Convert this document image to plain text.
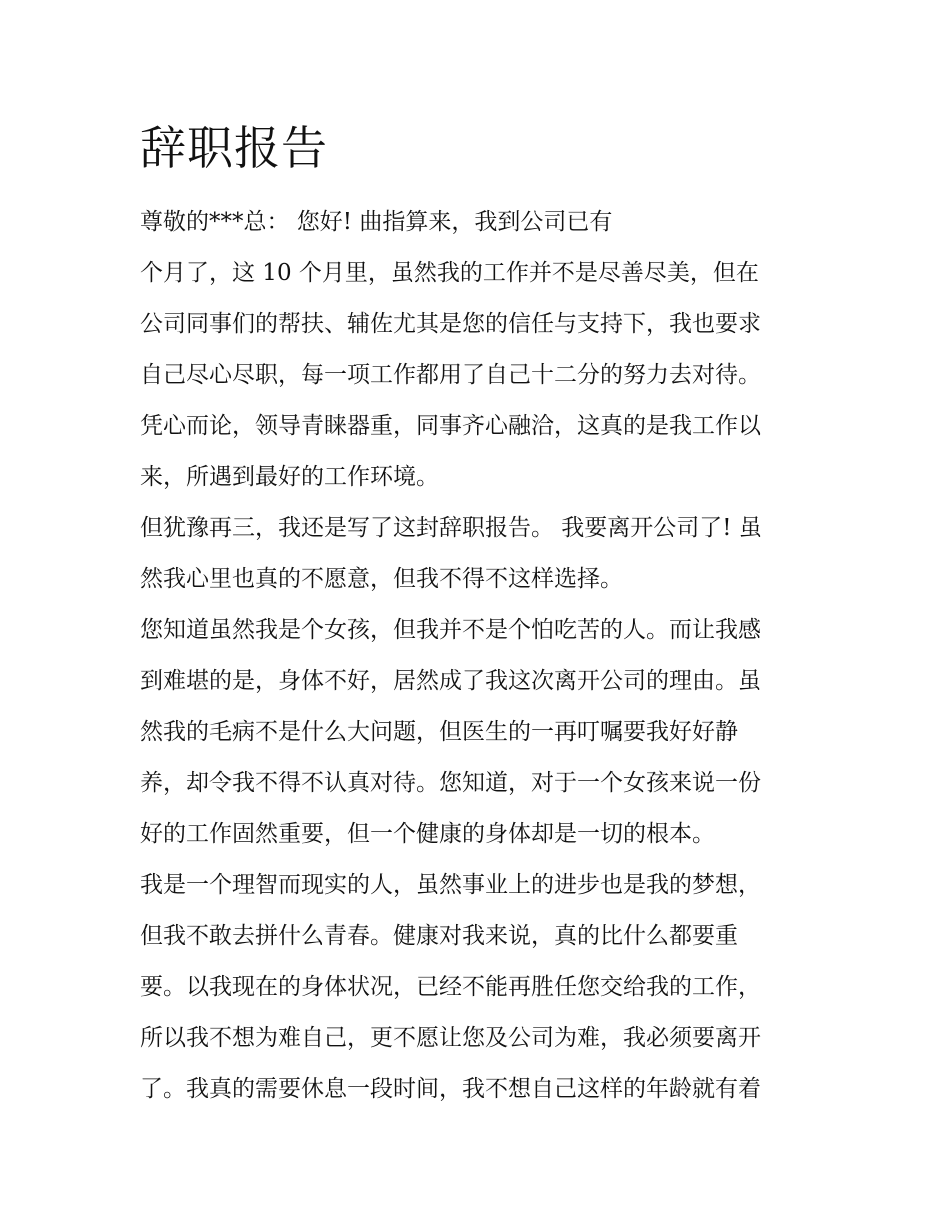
辞职报告

尊敬的***总： 您好! 曲指算来，我到公司已有

个月了，这 10 个月里，虽然我的工作并不是尽善尽美，但在

公司同事们的帮扶、辅佐尤其是您的信任与支持下，我也要求

自己尽心尽职，每一项工作都用了自己十二分的努力去对待。

凭心而论，领导青睐器重，同事齐心融洽，这真的是我工作以

来，所遇到最好的工作环境。

但犹豫再三，我还是写了这封辞职报告。 我要离开公司了! 虽

然我心里也真的不愿意，但我不得不这样选择。

您知道虽然我是个女孩，但我并不是个怕吃苦的人。而让我感

到难堪的是，身体不好，居然成了我这次离开公司的理由。虽

然我的毛病不是什么大问题，但医生的一再叮嘱要我好好静

养，却令我不得不认真对待。您知道，对于一个女孩来说一份

好的工作固然重要，但一个健康的身体却是一切的根本。

我是一个理智而现实的人，虽然事业上的进步也是我的梦想，

但我不敢去拼什么青春。健康对我来说，真的比什么都要重

要。以我现在的身体状况，已经不能再胜任您交给我的工作，

所以我不想为难自己，更不愿让您及公司为难，我必须要离开

了。我真的需要休息一段时间，我不想自己这样的年龄就有着
